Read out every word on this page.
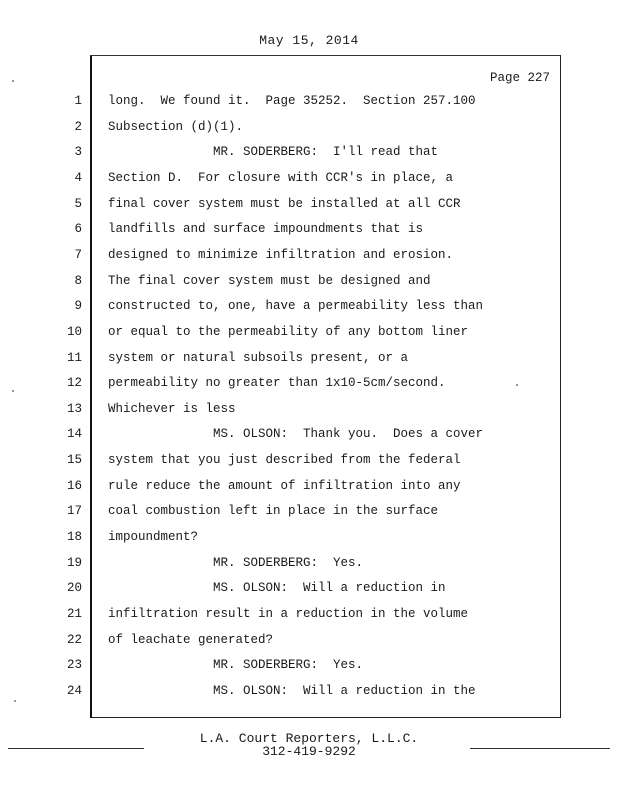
May 15, 2014
Page 227
1 long.  We found it.  Page 35252.  Section 257.100
2 Subsection (d)(1).
3 MR. SODERBERG:  I'll read that
4 Section D.  For closure with CCR's in place, a
5 final cover system must be installed at all CCR
6 landfills and surface impoundments that is
7 designed to minimize infiltration and erosion.
8 The final cover system must be designed and
9 constructed to, one, have a permeability less than
10 or equal to the permeability of any bottom liner
11 system or natural subsoils present, or a
12 permeability no greater than 1x10-5cm/second.
13 Whichever is less
14 MS. OLSON:  Thank you.  Does a cover
15 system that you just described from the federal
16 rule reduce the amount of infiltration into any
17 coal combustion left in place in the surface
18 impoundment?
19 MR. SODERBERG:  Yes.
20 MS. OLSON:  Will a reduction in
21 infiltration result in a reduction in the volume
22 of leachate generated?
23 MR. SODERBERG:  Yes.
24 MS. OLSON:  Will a reduction in the
L.A. Court Reporters, L.L.C.
312-419-9292
